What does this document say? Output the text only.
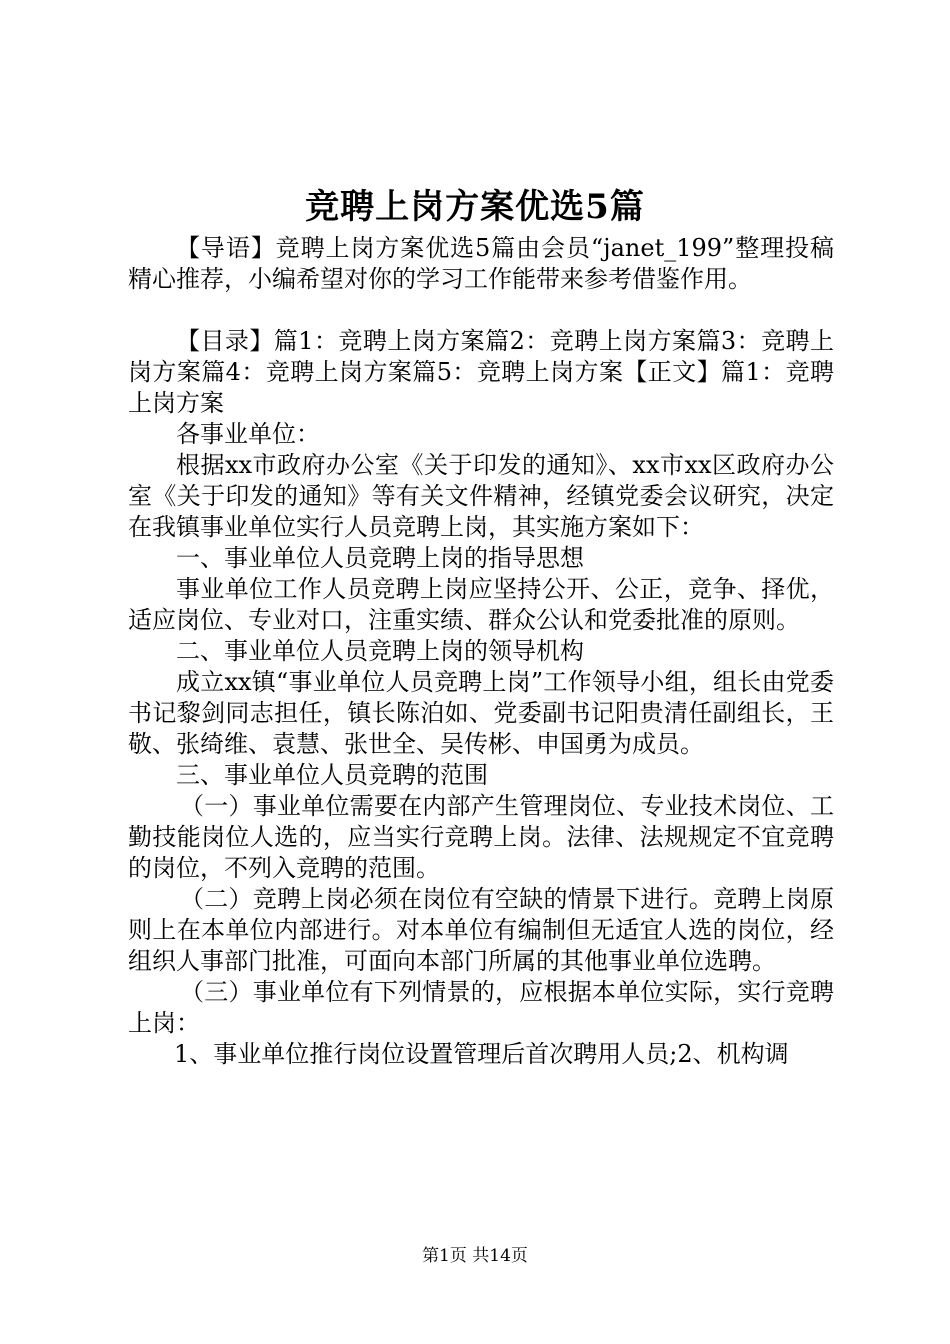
竞聘上岗方案优选5篇

【导语】竞聘上岗方案优选5篇由会员“janet_199”整理投稿精心推荐，小编希望对你的学习工作能带来参考借鉴作用。

【目录】篇1：竞聘上岗方案篇2：竞聘上岗方案篇3：竞聘上岗方案篇4：竞聘上岗方案篇5：竞聘上岗方案【正文】篇1：竞聘上岗方案

各事业单位：

根据xx市政府办公室《关于印发的通知》、xx市xx区政府办公室《关于印发的通知》等有关文件精神，经镇党委会议研究，决定在我镇事业单位实行人员竞聘上岗，其实施方案如下：

一、事业单位人员竞聘上岗的指导思想

事业单位工作人员竞聘上岗应坚持公开、公正，竞争、择优，适应岗位、专业对口，注重实绩、群众公认和党委批准的原则。

二、事业单位人员竞聘上岗的领导机构

成立xx镇“事业单位人员竞聘上岗”工作领导小组，组长由党委书记黎剑同志担任，镇长陈泊如、党委副书记阳贵清任副组长，王敬、张绮维、袁慧、张世全、吴传彬、申国勇为成员。

三、事业单位人员竞聘的范围

（一）事业单位需要在内部产生管理岗位、专业技术岗位、工勤技能岗位人选的，应当实行竞聘上岗。法律、法规规定不宜竞聘的岗位，不列入竞聘的范围。

（二）竞聘上岗必须在岗位有空缺的情景下进行。竞聘上岗原则上在本单位内部进行。对本单位有编制但无适宜人选的岗位，经组织人事部门批准，可面向本部门所属的其他事业单位选聘。

（三）事业单位有下列情景的，应根据本单位实际，实行竞聘上岗：

1、事业单位推行岗位设置管理后首次聘用人员;2、机构调

第1页 共14页
